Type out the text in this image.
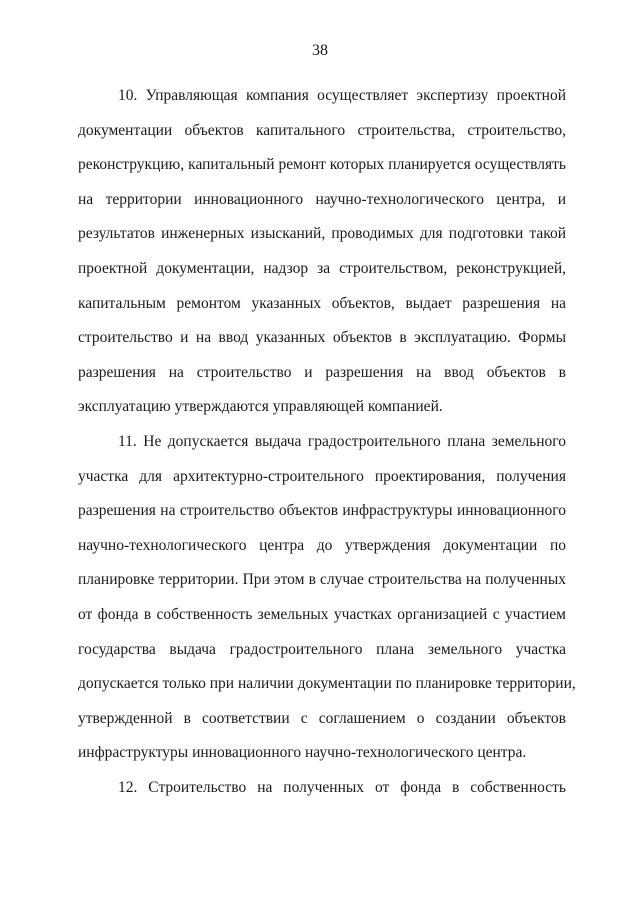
38
10. Управляющая компания осуществляет экспертизу проектной
документации объектов капитального строительства, строительство,
реконструкцию, капитальный ремонт которых планируется осуществлять
на территории инновационного научно-технологического центра, и
результатов инженерных изысканий, проводимых для подготовки такой
проектной документации, надзор за строительством, реконструкцией,
капитальным ремонтом указанных объектов, выдает разрешения на
строительство и на ввод указанных объектов в эксплуатацию. Формы
разрешения на строительство и разрешения на ввод объектов в
эксплуатацию утверждаются управляющей компанией.
11. Не допускается выдача градостроительного плана земельного
участка для архитектурно-строительного проектирования, получения
разрешения на строительство объектов инфраструктуры инновационного
научно-технологического центра до утверждения документации по
планировке территории. При этом в случае строительства на полученных
от фонда в собственность земельных участках организацией с участием
государства выдача градостроительного плана земельного участка
допускается только при наличии документации по планировке территории,
утвержденной в соответствии с соглашением о создании объектов
инфраструктуры инновационного научно-технологического центра.
12. Строительство на полученных от фонда в собственность
